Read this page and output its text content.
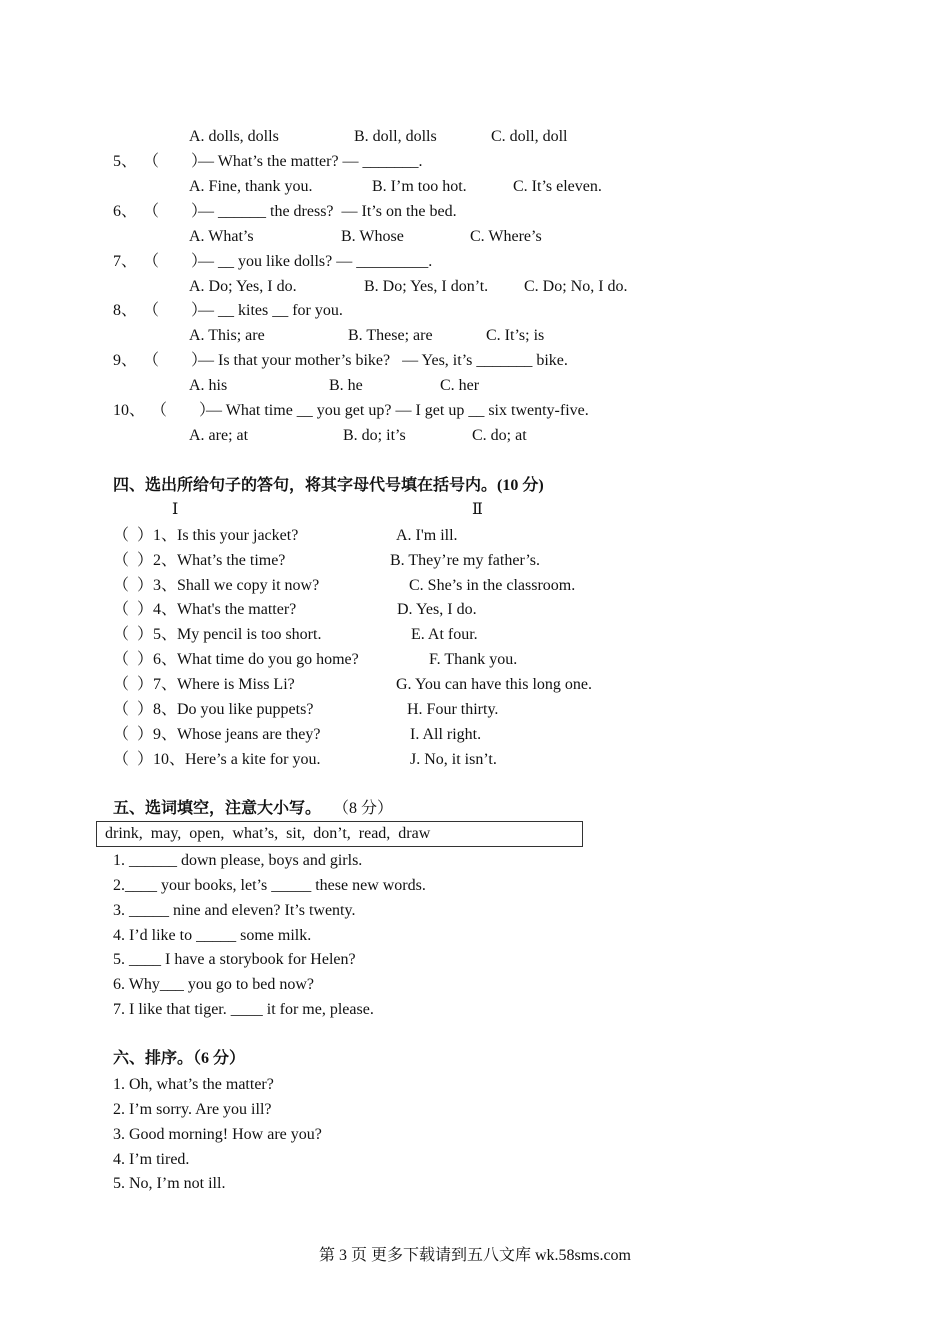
A. dolls, dolls	B. doll, dolls	C. doll, doll
5、 （　　）
— What’s the matter? — _______.
A. Fine, thank you.	B. I’m too hot.	C. It’s eleven.
6、 （　　）
— ______ the dress?  — It’s on the bed.
A. What’s	B. Whose	C. Where’s
7、 （　　）
— __ you like dolls? — _________.
A. Do; Yes, I do.	B. Do; Yes, I don’t. C. Do; No, I do.
8、 （　　）
— __ kites __ for you.
A. This; are	B. These; are	C. It’s; is
9、 （　　）
— Is that your mother’s bike?   — Yes, it’s _______ bike.
A. his	B. he	C. her
10、 （　　）
— What time __ you get up? — I get up __ six twenty-five.
A. are; at	B. do; it’s	C. do; at
四、选出所给句子的答句，将其字母代号填在括号内。(10 分)
Ⅰ	Ⅱ
（  ）1、Is this your jacket?	A. I'm ill.
（  ）2、What’s the time?	B. They’re my father’s.
（  ）3、Shall we copy it now?	C. She’s in the classroom.
（  ）4、What's the matter?	D. Yes, I do.
（  ）5、My pencil is too short.	E. At four.
（  ）6、What time do you go home?	F. Thank you.
（  ）7、Where is Miss Li?	G. You can have this long one.
（  ）8、Do you like puppets?	H. Four thirty.
（  ）9、Whose jeans are they?	I. All right.
（  ）10、Here’s a kite for you.	J. No, it isn’t.
五、选词填空，注意大小写。 （8 分）
drink,  may,  open,  what’s,  sit,  don’t,  read,  draw
1. ______ down please, boys and girls.
2.____ your books, let’s _____ these new words.
3. _____ nine and eleven? It’s twenty.
4. I’d like to _____ some milk.
5. ____ I have a storybook for Helen?
6. Why___ you go to bed now?
7. I like that tiger. ____ it for me, please.
六、排序。（6 分）
1. Oh, what’s the matter?
2. I’m sorry. Are you ill?
3. Good morning! How are you?
4. I’m tired.
5. No, I’m not ill.
第 3 页 更多下载请到五八文库 wk.58sms.com
